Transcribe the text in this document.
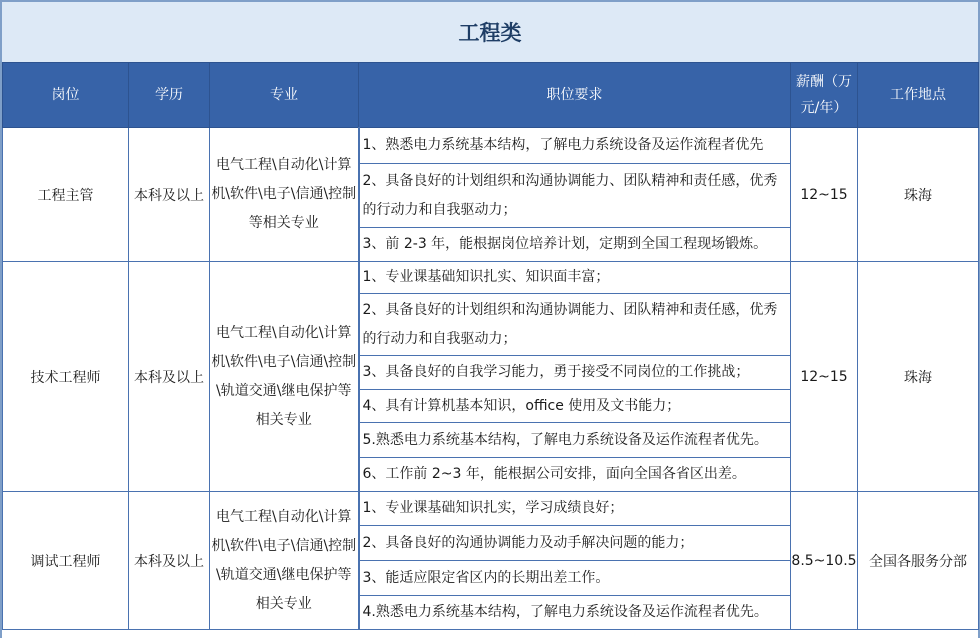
工程类
岗位	学历	专业	职位要求	薪酬（万元/年）	工作地点
工程主管	本科及以上	电气工程\自动化\计算机\软件\电子\信通\控制等相关专业	1、熟悉电力系统基本结构，了解电力系统设备及运作流程者优先	12~15	珠海
			2、具备良好的计划组织和沟通协调能力、团队精神和责任感，优秀的行动力和自我驱动力；		
			3、前 2-3 年，能根据岗位培养计划，定期到全国工程现场锻炼。		
技术工程师	本科及以上	电气工程\自动化\计算机\软件\电子\信通\控制\轨道交通\继电保护等相关专业	1、专业课基础知识扎实、知识面丰富；	12~15	珠海
			2、具备良好的计划组织和沟通协调能力、团队精神和责任感，优秀的行动力和自我驱动力；		
			3、具备良好的自我学习能力，勇于接受不同岗位的工作挑战；		
			4、具有计算机基本知识，office 使用及文书能力；		
			5.熟悉电力系统基本结构，了解电力系统设备及运作流程者优先。		
			6、工作前 2~3 年，能根据公司安排，面向全国各省区出差。		
调试工程师	本科及以上	电气工程\自动化\计算机\软件\电子\信通\控制\轨道交通\继电保护等相关专业	1、专业课基础知识扎实，学习成绩良好；	8.5~10.5	全国各服务分部
			2、具备良好的沟通协调能力及动手解决问题的能力；		
			3、能适应限定省区内的长期出差工作。		
			4.熟悉电力系统基本结构，了解电力系统设备及运作流程者优先。		
